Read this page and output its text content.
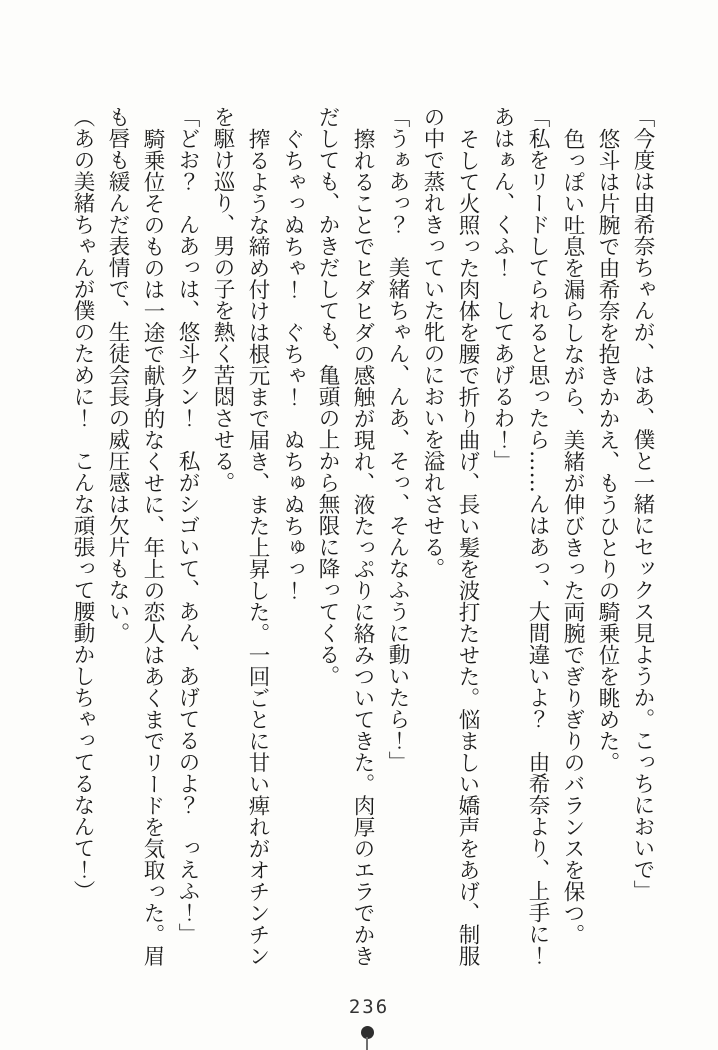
「今度は由希奈ちゃんが、はあ、僕と一緒にセックス見ようか。こっちにおいで」

悠斗は片腕で由希奈を抱きかかえ、もうひとりの騎乗位を眺めた。

色っぽい吐息を漏らしながら、美緒が伸びきった両腕でぎりぎりのバランスを保つ。

「私をリードしてられると思ったら……んはあっ、大間違いよ？　由希奈より、上手に！　あはぁん、くふ！　してあげるわ！」

そして火照った肉体を腰で折り曲げ、長い髪を波打たせた。悩ましい嬌声をあげ、制服の中で蒸れきっていた牝のにおいを溢れさせる。

「うぁあっ？　美緒ちゃん、んあ、そっ、そんなふうに動いたら！」

擦れることでヒダヒダの感触が現れ、液たっぷりに絡みついてきた。肉厚のエラでかきだしても、かきだしても、亀頭の上から無限に降ってくる。

ぐちゃっぬちゃ！　ぐちゃ！　ぬちゅぬちゅっ！

搾るような締め付けは根元まで届き、また上昇した。一回ごとに甘い痺れがオチンチンを駆け巡り、男の子を熱く苦悶させる。

「どお？　んあっは、悠斗クン！　私がシゴいて、あん、あげてるのよ？　っえふ！」

騎乗位そのものは一途で献身的なくせに、年上の恋人はあくまでリードを気取った。眉も唇も緩んだ表情で、生徒会長の威圧感は欠片もない。

（あの美緒ちゃんが僕のために！　こんな頑張って腰動かしちゃってるなんて！）

236
